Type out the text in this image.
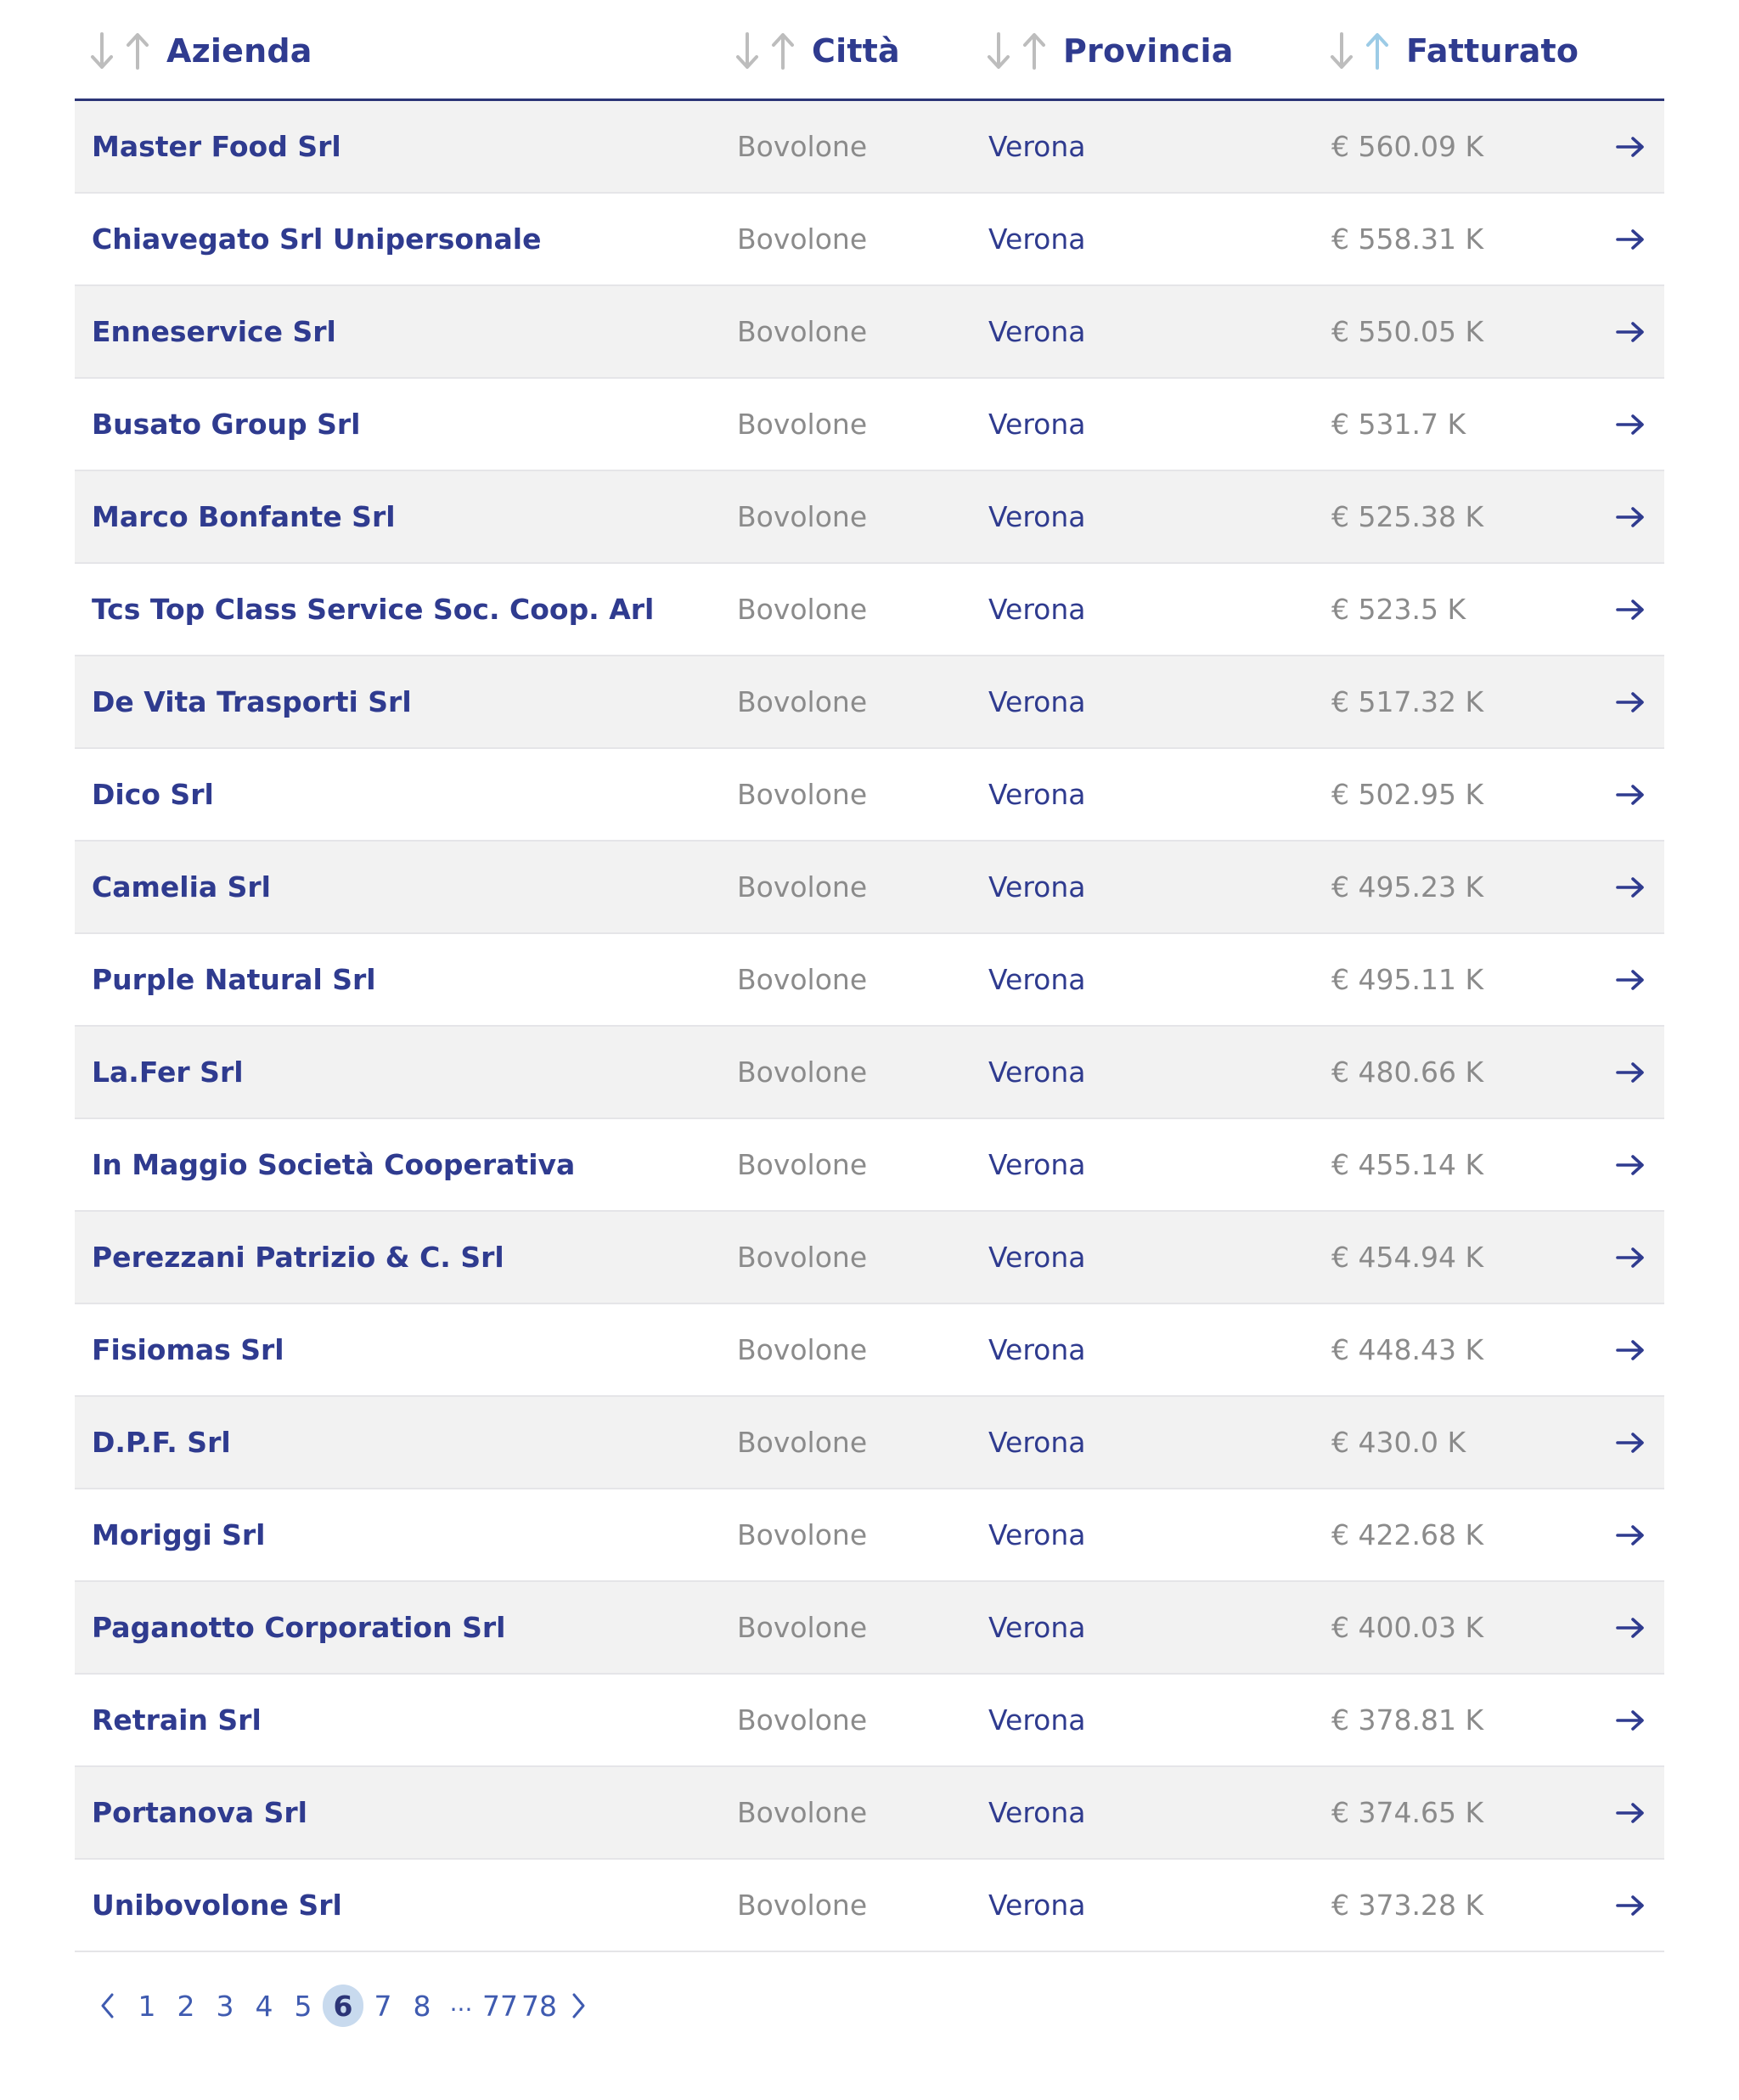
Azienda	Città	Provincia	Fatturato
Master Food Srl	Bovolone	Verona	€ 560.09 K
Chiavegato Srl Unipersonale	Bovolone	Verona	€ 558.31 K
Enneservice Srl	Bovolone	Verona	€ 550.05 K
Busato Group Srl	Bovolone	Verona	€ 531.7 K
Marco Bonfante Srl	Bovolone	Verona	€ 525.38 K
Tcs Top Class Service Soc. Coop. Arl	Bovolone	Verona	€ 523.5 K
De Vita Trasporti Srl	Bovolone	Verona	€ 517.32 K
Dico Srl	Bovolone	Verona	€ 502.95 K
Camelia Srl	Bovolone	Verona	€ 495.23 K
Purple Natural Srl	Bovolone	Verona	€ 495.11 K
La.Fer Srl	Bovolone	Verona	€ 480.66 K
In Maggio Società Cooperativa	Bovolone	Verona	€ 455.14 K
Perezzani Patrizio & C. Srl	Bovolone	Verona	€ 454.94 K
Fisiomas Srl	Bovolone	Verona	€ 448.43 K
D.P.F. Srl	Bovolone	Verona	€ 430.0 K
Moriggi Srl	Bovolone	Verona	€ 422.68 K
Paganotto Corporation Srl	Bovolone	Verona	€ 400.03 K
Retrain Srl	Bovolone	Verona	€ 378.81 K
Portanova Srl	Bovolone	Verona	€ 374.65 K
Unibovolone Srl	Bovolone	Verona	€ 373.28 K
1 2 3 4 5 6 7 8 ... 77 78
